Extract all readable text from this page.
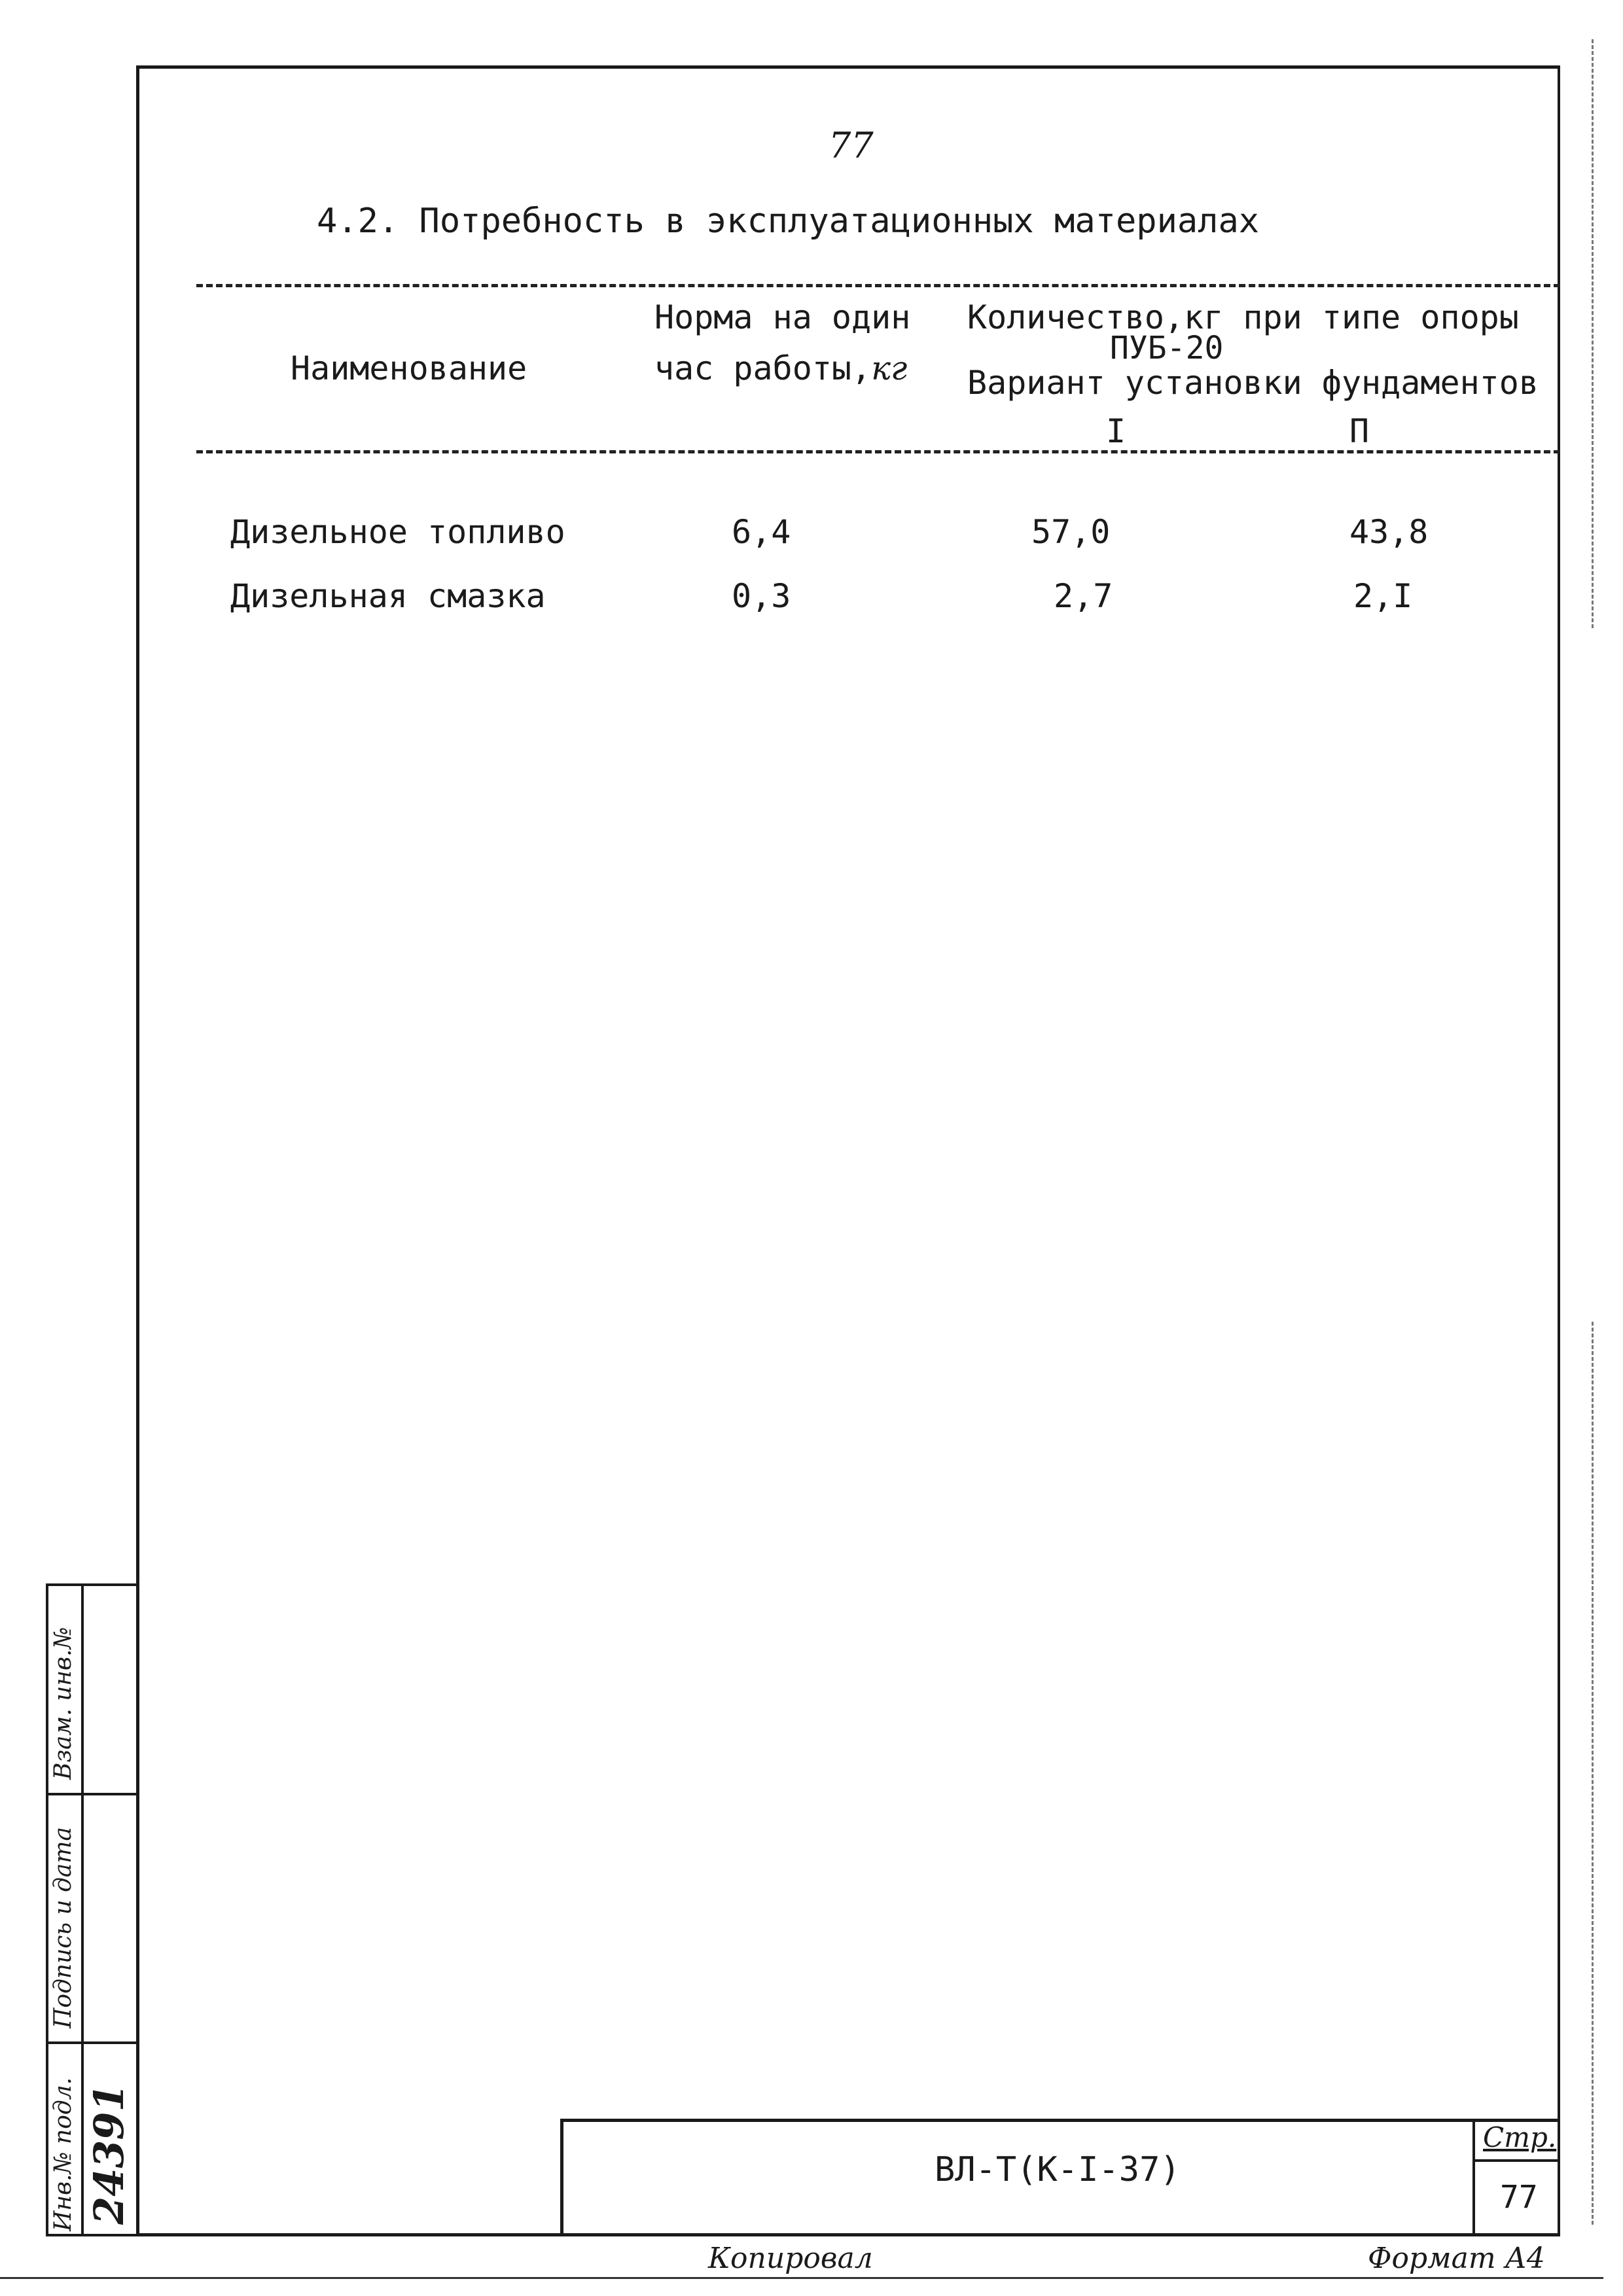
77
4.2. Потребность в эксплуатационных материалах
Наименование
Норма на один
час работы,кг
Количество,кг при типе опоры
ПУБ-20
Вариант установки фундаментов
I	П
Дизельное топливо	6,4	57,0	43,8
Дизельная смазка	0,3	2,7	2,I
Инв.№ подл. 24391
Подпись и дата
Взам. инв.№
ВЛ-Т(К-I-37)
Стр.
77
Копировал	Формат А4
